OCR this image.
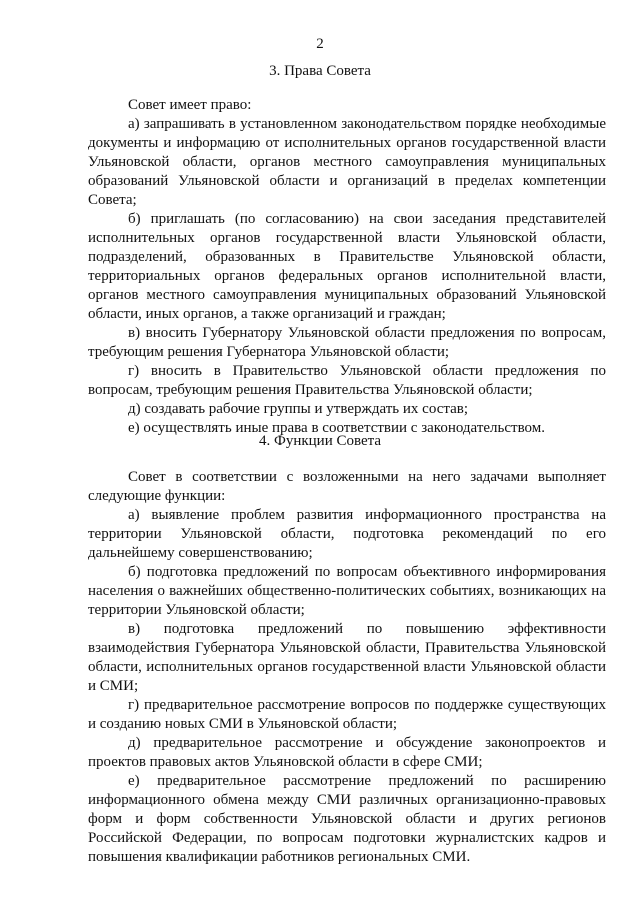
2
3. Права Совета

Совет имеет право:

а) запрашивать в установленном законодательством порядке необходимые документы и информацию от исполнительных органов государственной власти Ульяновской области, органов местного самоуправления муниципальных образований Ульяновской области и организаций в пределах компетенции Совета;

б) приглашать (по согласованию) на свои заседания представителей исполнительных органов государственной власти Ульяновской области, подразделений, образованных в Правительстве Ульяновской области, территориальных органов федеральных органов исполнительной власти, органов местного самоуправления муниципальных образований Ульяновской области, иных органов, а также организаций и граждан;

в) вносить Губернатору Ульяновской области предложения по вопросам, требующим решения Губернатора Ульяновской области;

г) вносить в Правительство Ульяновской области предложения по вопросам, требующим решения Правительства Ульяновской области;

д) создавать рабочие группы и утверждать их состав;

е) осуществлять иные права в соответствии с законодательством.

4. Функции Совета

Совет в соответствии с возложенными на него задачами выполняет следующие функции:

а) выявление проблем развития информационного пространства на территории Ульяновской области, подготовка рекомендаций по его дальнейшему совершенствованию;

б) подготовка предложений по вопросам объективного информирования населения о важнейших общественно-политических событиях, возникающих на территории Ульяновской области;

в) подготовка предложений по повышению эффективности взаимодействия Губернатора Ульяновской области, Правительства Ульяновской области, исполнительных органов государственной власти Ульяновской области и СМИ;

г) предварительное рассмотрение вопросов по поддержке существующих и созданию новых СМИ в Ульяновской области;

д) предварительное рассмотрение и обсуждение законопроектов и проектов правовых актов Ульяновской области в сфере СМИ;

е) предварительное рассмотрение предложений по расширению информационного обмена между СМИ различных организационно-правовых форм и форм собственности Ульяновской области и других регионов Российской Федерации, по вопросам подготовки журналистских кадров и повышения квалификации работников региональных СМИ.
